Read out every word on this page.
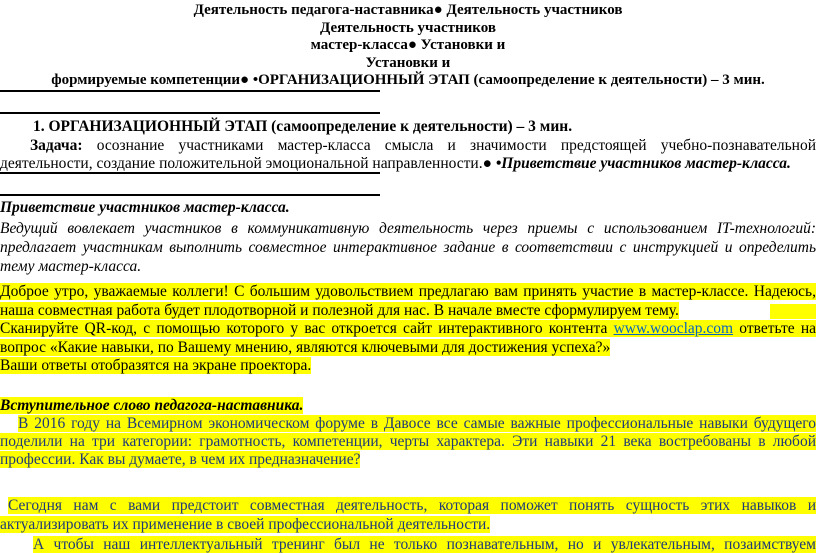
Деятельность педагога-наставника● Деятельность участников
Деятельность участников
мастер-класса● Установки и
Установки и
формируемые компетенции● •ОРГАНИЗАЦИОННЫЙ ЭТАП (самоопределение к деятельности) – 3 мин.
1. ОРГАНИЗАЦИОННЫЙ ЭТАП (самоопределение к деятельности) – 3 мин.

Задача: осознание участниками мастер-класса смысла и значимости предстоящей учебно-познавательной деятельности, создание положительной эмоциональной направленности.● •Приветствие участников мастер-класса.

Приветствие участников мастер-класса.

Ведущий вовлекает участников в коммуникативную деятельность через приемы с использованием IT-технологий: предлагает участникам выполнить совместное интерактивное задание в соответствии с инструкцией и определить тему мастер-класса.

Доброе утро, уважаемые коллеги! С большим удовольствием предлагаю вам принять участие в мастер-классе. Надеюсь, наша совместная работа будет плодотворной и полезной для нас. В начале вместе сформулируем тему.

Сканируйте QR-код, с помощью которого у вас откроется сайт интерактивного контента www.wooclap.com ответьте на вопрос «Какие навыки, по Вашему мнению, являются ключевыми для достижения успеха?»

Ваши ответы отобразятся на экране проектора.

Вступительное слово педагога-наставника.

В 2016 году на Всемирном экономическом форуме в Давосе все самые важные профессиональные навыки будущего поделили на три категории: грамотность, компетенции, черты характера. Эти навыки 21 века востребованы в любой профессии. Как вы думаете, в чем их предназначение?

Сегодня нам с вами предстоит совместная деятельность, которая поможет понять сущность этих навыков и актуализировать их применение в своей профессиональной деятельности.

А чтобы наш интеллектуальный тренинг был не только познавательным, но и увлекательным, позаимствуем
